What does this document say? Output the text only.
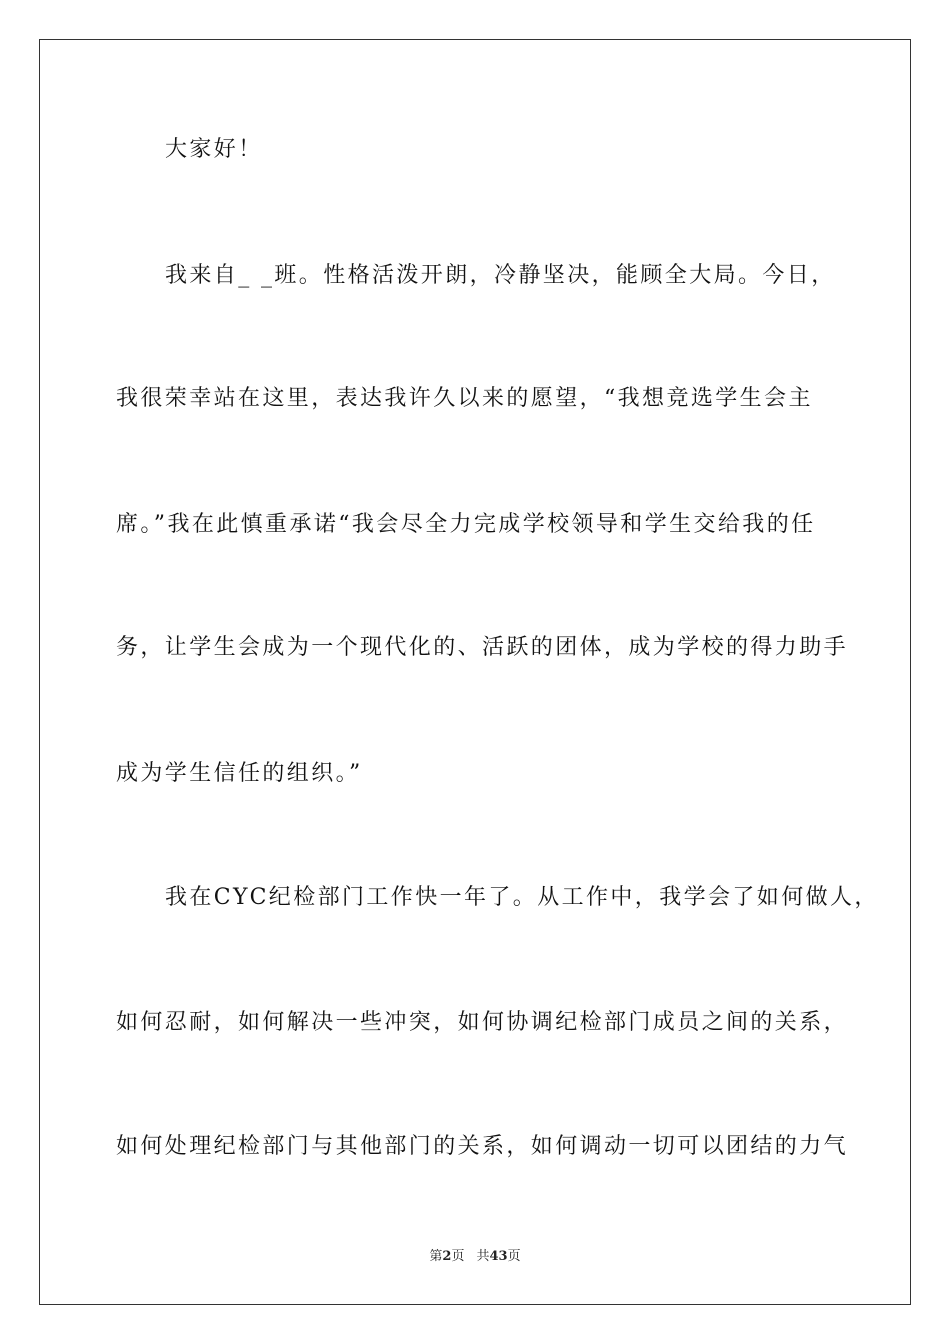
大家好！
我来自_ _班。性格活泼开朗，冷静坚决，能顾全大局。今日，
我很荣幸站在这里，表达我许久以来的愿望，“我想竞选学生会主
席。”我在此慎重承诺“我会尽全力完成学校领导和学生交给我的任
务，让学生会成为一个现代化的、活跃的团体，成为学校的得力助手
成为学生信任的组织。”
我在CYC纪检部门工作快一年了。从工作中，我学会了如何做人，
如何忍耐，如何解决一些冲突，如何协调纪检部门成员之间的关系，
如何处理纪检部门与其他部门的关系，如何调动一切可以团结的力气
第2页 共43页
